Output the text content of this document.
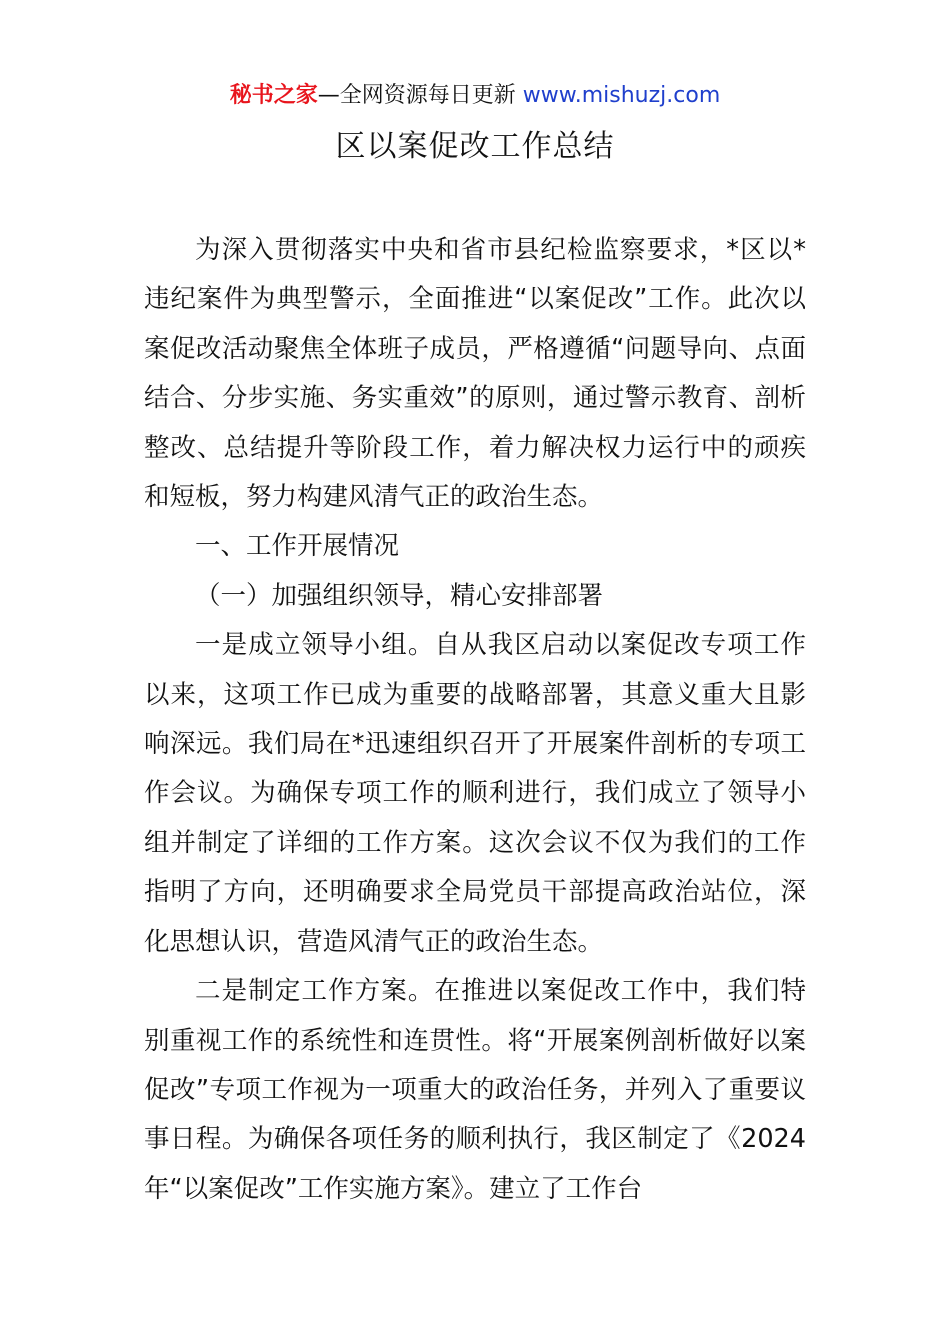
秘书之家—全网资源每日更新 www.mishuzj.com
区以案促改工作总结

为深入贯彻落实中央和省市县纪检监察要求，*区以*违纪案件为典型警示，全面推进“以案促改”工作。此次以案促改活动聚焦全体班子成员，严格遵循“问题导向、点面结合、分步实施、务实重效”的原则，通过警示教育、剖析整改、总结提升等阶段工作，着力解决权力运行中的顽疾和短板，努力构建风清气正的政治生态。

一、工作开展情况

（一）加强组织领导，精心安排部署

一是成立领导小组。自从我区启动以案促改专项工作以来，这项工作已成为重要的战略部署，其意义重大且影响深远。我们局在*迅速组织召开了开展案件剖析的专项工作会议。为确保专项工作的顺利进行，我们成立了领导小组并制定了详细的工作方案。这次会议不仅为我们的工作指明了方向，还明确要求全局党员干部提高政治站位，深化思想认识，营造风清气正的政治生态。

二是制定工作方案。在推进以案促改工作中，我们特别重视工作的系统性和连贯性。将“开展案例剖析做好以案促改”专项工作视为一项重大的政治任务，并列入了重要议事日程。为确保各项任务的顺利执行，我区制定了《2024年“以案促改”工作实施方案》。建立了工作台
